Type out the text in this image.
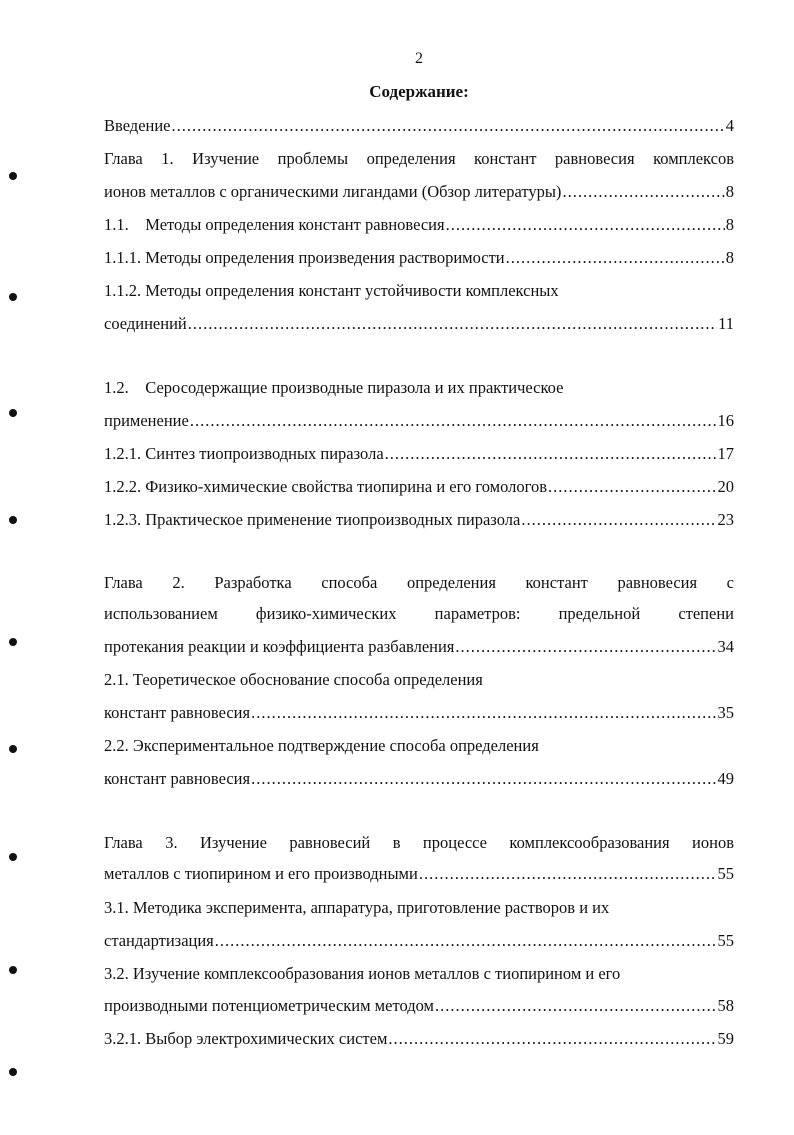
2
Содержание:
Введение .....	4
Глава 1. Изучение проблемы определения констант равновесия комплексов
ионов металлов с органическими лигандами (Обзор литературы) .....	8
1.1.    Методы определения констант равновесия .....	8
1.1.1. Методы определения произведения растворимости .....	8
1.1.2. Методы определения констант устойчивости комплексных
соединений .....	11
1.2.    Серосодержащие производные пиразола и их практическое
применение .....	16
1.2.1. Синтез тиопроизводных пиразола .....	17
1.2.2. Физико-химические свойства тиопирина и его гомологов .....	20
1.2.3. Практическое применение тиопроизводных пиразола .....	23
Глава 2. Разработка способа определения констант равновесия с
использованием физико-химических параметров: предельной степени
протекания реакции и коэффициента разбавления .....	34
2.1. Теоретическое обоснование способа определения
констант равновесия .....	35
2.2. Экспериментальное подтверждение способа определения
констант равновесия .....	49
Глава 3. Изучение равновесий в процессе комплексообразования ионов
металлов с тиопирином и его производными .....	55
3.1. Методика эксперимента, аппаратура, приготовление растворов и их
стандартизация .....	55
3.2. Изучение комплексообразования ионов металлов с тиопирином и его
производными потенциометрическим методом .....	58
3.2.1. Выбор электрохимических систем .....	59
